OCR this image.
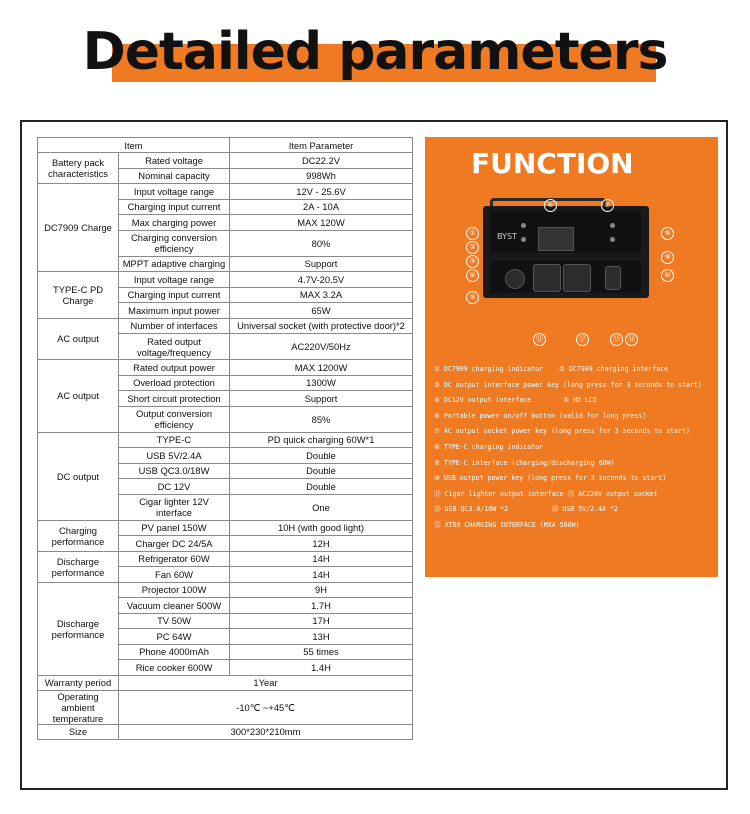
Detailed parameters
Item		Item Parameter
Battery pack characteristics	Rated voltage	DC22.2V
	Nominal capacity	998Wh
DC7909 Charge	Input voltage range	12V - 25.6V
	Charging input current	2A - 10A
	Max charging power	MAX 120W
	Charging conversion efficiency	80%
	MPPT adaptive charging	Support
TYPE-C PD Charge	Input voltage range	4.7V-20.5V
	Charging input current	MAX 3.2A
	Maximum input power	65W
AC output	Number of interfaces	Universal socket (with protective door)*2
	Rated output voltage/frequency	AC220V/50Hz
AC output	Rated output power	MAX 1200W
	Overload protection	1300W
	Short circuit protection	Support
	Output conversion efficiency	85%
DC output	TYPE-C	PD quick charging 60W*1
	USB 5V/2.4A	Double
	USB QC3.0/18W	Double
	DC 12V	Double
	Cigar lighter 12V interface	One
Charging performance	PV panel 150W	10H (with good light)
	Charger DC 24/5A	12H
Discharge performance	Refrigerator 60W	14H
	Fan 60W	14H
Discharge performance	Projector 100W	9H
	Vacuum cleaner 500W	1.7H
	TV 50W	17H
	PC 64W	13H
	Phone 4000mAh	55 times
	Rice cooker 600W	1.4H
Warranty period	1Year	
Operating ambient temperature	-10℃ ~+45℃	
Size	300*230*210mm	
FUNCTION
BYST
①
②
③
④
⑤
⑥	⑦
⑧
⑨
⑩
⑪	⑫	⑬	⑭
① DC7909 charging indicator    ② DC7909 charging interface
③ DC output interface power key (long press for 3 seconds to start)
④ DC12V output interface        ⑤ HD LCD
⑥ Portable power on/off button (valid for long press)
⑦ AC output socket power key (long press for 3 seconds to start)
⑧ TYPE-C charging indicator
⑨ TYPE-C interface (charging/discharging 60W)
⑩ USB output power key (long press for 3 seconds to start)
⑪ Cigar lighter output interface ⑫ AC220V output socket
⑬ USB QC3.0/18W *2           ⑭ USB 5V/2.4A *2
⑮ XT60 CHARGING INTERFACE (MXA 500W)
